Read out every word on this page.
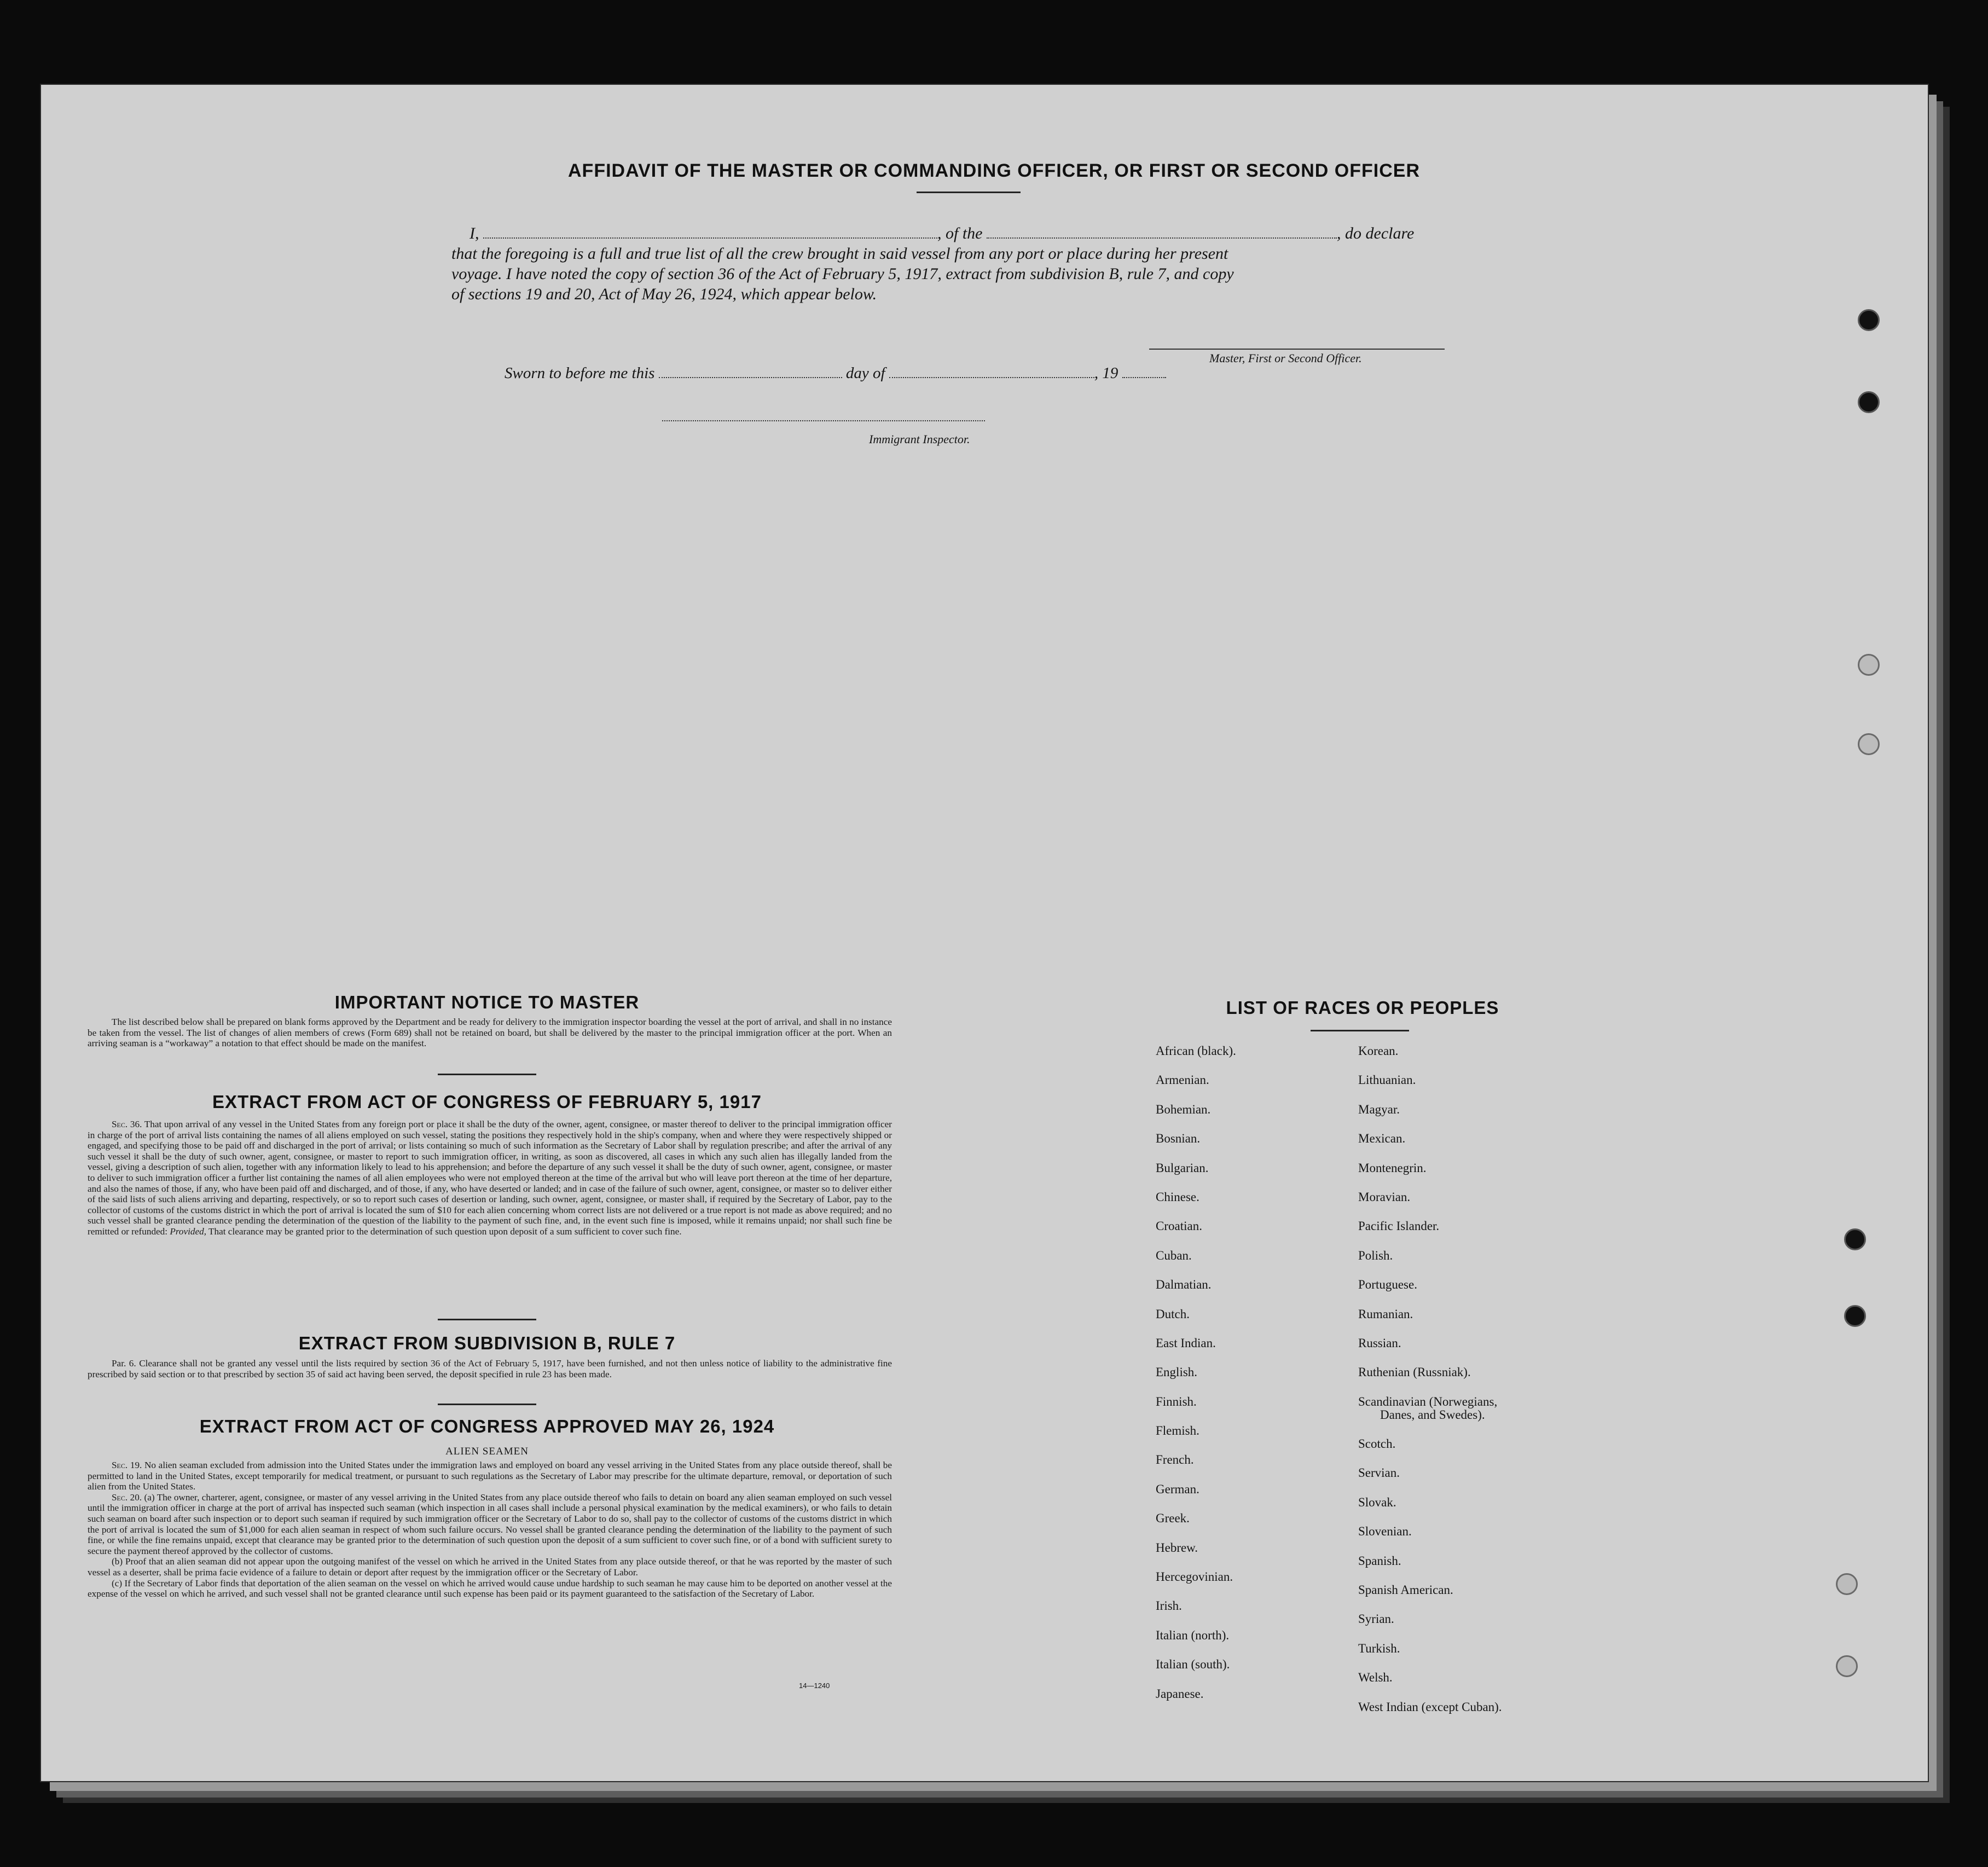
AFFIDAVIT OF THE MASTER OR COMMANDING OFFICER, OR FIRST OR SECOND OFFICER
I,	, of the	, do declare
that the foregoing is a full and true list of all the crew brought in said vessel from any port or place during her present
voyage. I have noted the copy of section 36 of the Act of February 5, 1917, extract from subdivision B, rule 7, and copy
of sections 19 and 20, Act of May 26, 1924, which appear below.
Master, First or Second Officer.
Sworn to before me this	day of	, 19
Immigrant Inspector.
IMPORTANT NOTICE TO MASTER

The list described below shall be prepared on blank forms approved by the Department and be ready for delivery to the immigration inspector boarding the vessel at the port of arrival, and shall in no instance be taken from the vessel. The list of changes of alien members of crews (Form 689) shall not be retained on board, but shall be delivered by the master to the principal immigration officer at the port. When an arriving seaman is a “workaway” a notation to that effect should be made on the manifest.

EXTRACT FROM ACT OF CONGRESS OF FEBRUARY 5, 1917

Sec. 36. That upon arrival of any vessel in the United States from any foreign port or place it shall be the duty of the owner, agent, consignee, or master thereof to deliver to the principal immigration officer in charge of the port of arrival lists containing the names of all aliens employed on such vessel, stating the positions they respectively hold in the ship's company, when and where they were respectively shipped or engaged, and specifying those to be paid off and discharged in the port of arrival; or lists containing so much of such information as the Secretary of Labor shall by regulation prescribe; and after the arrival of any such vessel it shall be the duty of such owner, agent, consignee, or master to report to such immigration officer, in writing, as soon as discovered, all cases in which any such alien has illegally landed from the vessel, giving a description of such alien, together with any information likely to lead to his apprehension; and before the departure of any such vessel it shall be the duty of such owner, agent, consignee, or master to deliver to such immigration officer a further list containing the names of all alien employees who were not employed thereon at the time of the arrival but who will leave port thereon at the time of her departure, and also the names of those, if any, who have been paid off and discharged, and of those, if any, who have deserted or landed; and in case of the failure of such owner, agent, consignee, or master so to deliver either of the said lists of such aliens arriving and departing, respectively, or so to report such cases of desertion or landing, such owner, agent, consignee, or master shall, if required by the Secretary of Labor, pay to the collector of customs of the customs district in which the port of arrival is located the sum of $10 for each alien concerning whom correct lists are not delivered or a true report is not made as above required; and no such vessel shall be granted clearance pending the determination of the question of the liability to the payment of such fine, and, in the event such fine is imposed, while it remains unpaid; nor shall such fine be remitted or refunded: Provided, That clearance may be granted prior to the determination of such question upon deposit of a sum sufficient to cover such fine.

EXTRACT FROM SUBDIVISION B, RULE 7

Par. 6. Clearance shall not be granted any vessel until the lists required by section 36 of the Act of February 5, 1917, have been furnished, and not then unless notice of liability to the administrative fine prescribed by said section or to that prescribed by section 35 of said act having been served, the deposit specified in rule 23 has been made.

EXTRACT FROM ACT OF CONGRESS APPROVED MAY 26, 1924
ALIEN SEAMEN

Sec. 19. No alien seaman excluded from admission into the United States under the immigration laws and employed on board any vessel arriving in the United States from any place outside thereof, shall be permitted to land in the United States, except temporarily for medical treatment, or pursuant to such regulations as the Secretary of Labor may prescribe for the ultimate departure, removal, or deportation of such alien from the United States.

Sec. 20. (a) The owner, charterer, agent, consignee, or master of any vessel arriving in the United States from any place outside thereof who fails to detain on board any alien seaman employed on such vessel until the immigration officer in charge at the port of arrival has inspected such seaman (which inspection in all cases shall include a personal physical examination by the medical examiners), or who fails to detain such seaman on board after such inspection or to deport such seaman if required by such immigration officer or the Secretary of Labor to do so, shall pay to the collector of customs of the customs district in which the port of arrival is located the sum of $1,000 for each alien seaman in respect of whom such failure occurs. No vessel shall be granted clearance pending the determination of the liability to the payment of such fine, or while the fine remains unpaid, except that clearance may be granted prior to the determination of such question upon the deposit of a sum sufficient to cover such fine, or of a bond with sufficient surety to secure the payment thereof approved by the collector of customs.

(b) Proof that an alien seaman did not appear upon the outgoing manifest of the vessel on which he arrived in the United States from any place outside thereof, or that he was reported by the master of such vessel as a deserter, shall be prima facie evidence of a failure to detain or deport after request by the immigration officer or the Secretary of Labor.

(c) If the Secretary of Labor finds that deportation of the alien seaman on the vessel on which he arrived would cause undue hardship to such seaman he may cause him to be deported on another vessel at the expense of the vessel on which he arrived, and such vessel shall not be granted clearance until such expense has been paid or its payment guaranteed to the satisfaction of the Secretary of Labor.

14—1240
LIST OF RACES OR PEOPLES
African (black).
Armenian.
Bohemian.
Bosnian.
Bulgarian.
Chinese.
Croatian.
Cuban.
Dalmatian.
Dutch.
East Indian.
English.
Finnish.
Flemish.
French.
German.
Greek.
Hebrew.
Hercegovinian.
Irish.
Italian (north).
Italian (south).
Japanese.
Korean.
Lithuanian.
Magyar.
Mexican.
Montenegrin.
Moravian.
Pacific Islander.
Polish.
Portuguese.
Rumanian.
Russian.
Ruthenian (Russniak).
Scandinavian (Norwegians,
Danes, and Swedes).
Scotch.
Servian.
Slovak.
Slovenian.
Spanish.
Spanish American.
Syrian.
Turkish.
Welsh.
West Indian (except Cuban).
